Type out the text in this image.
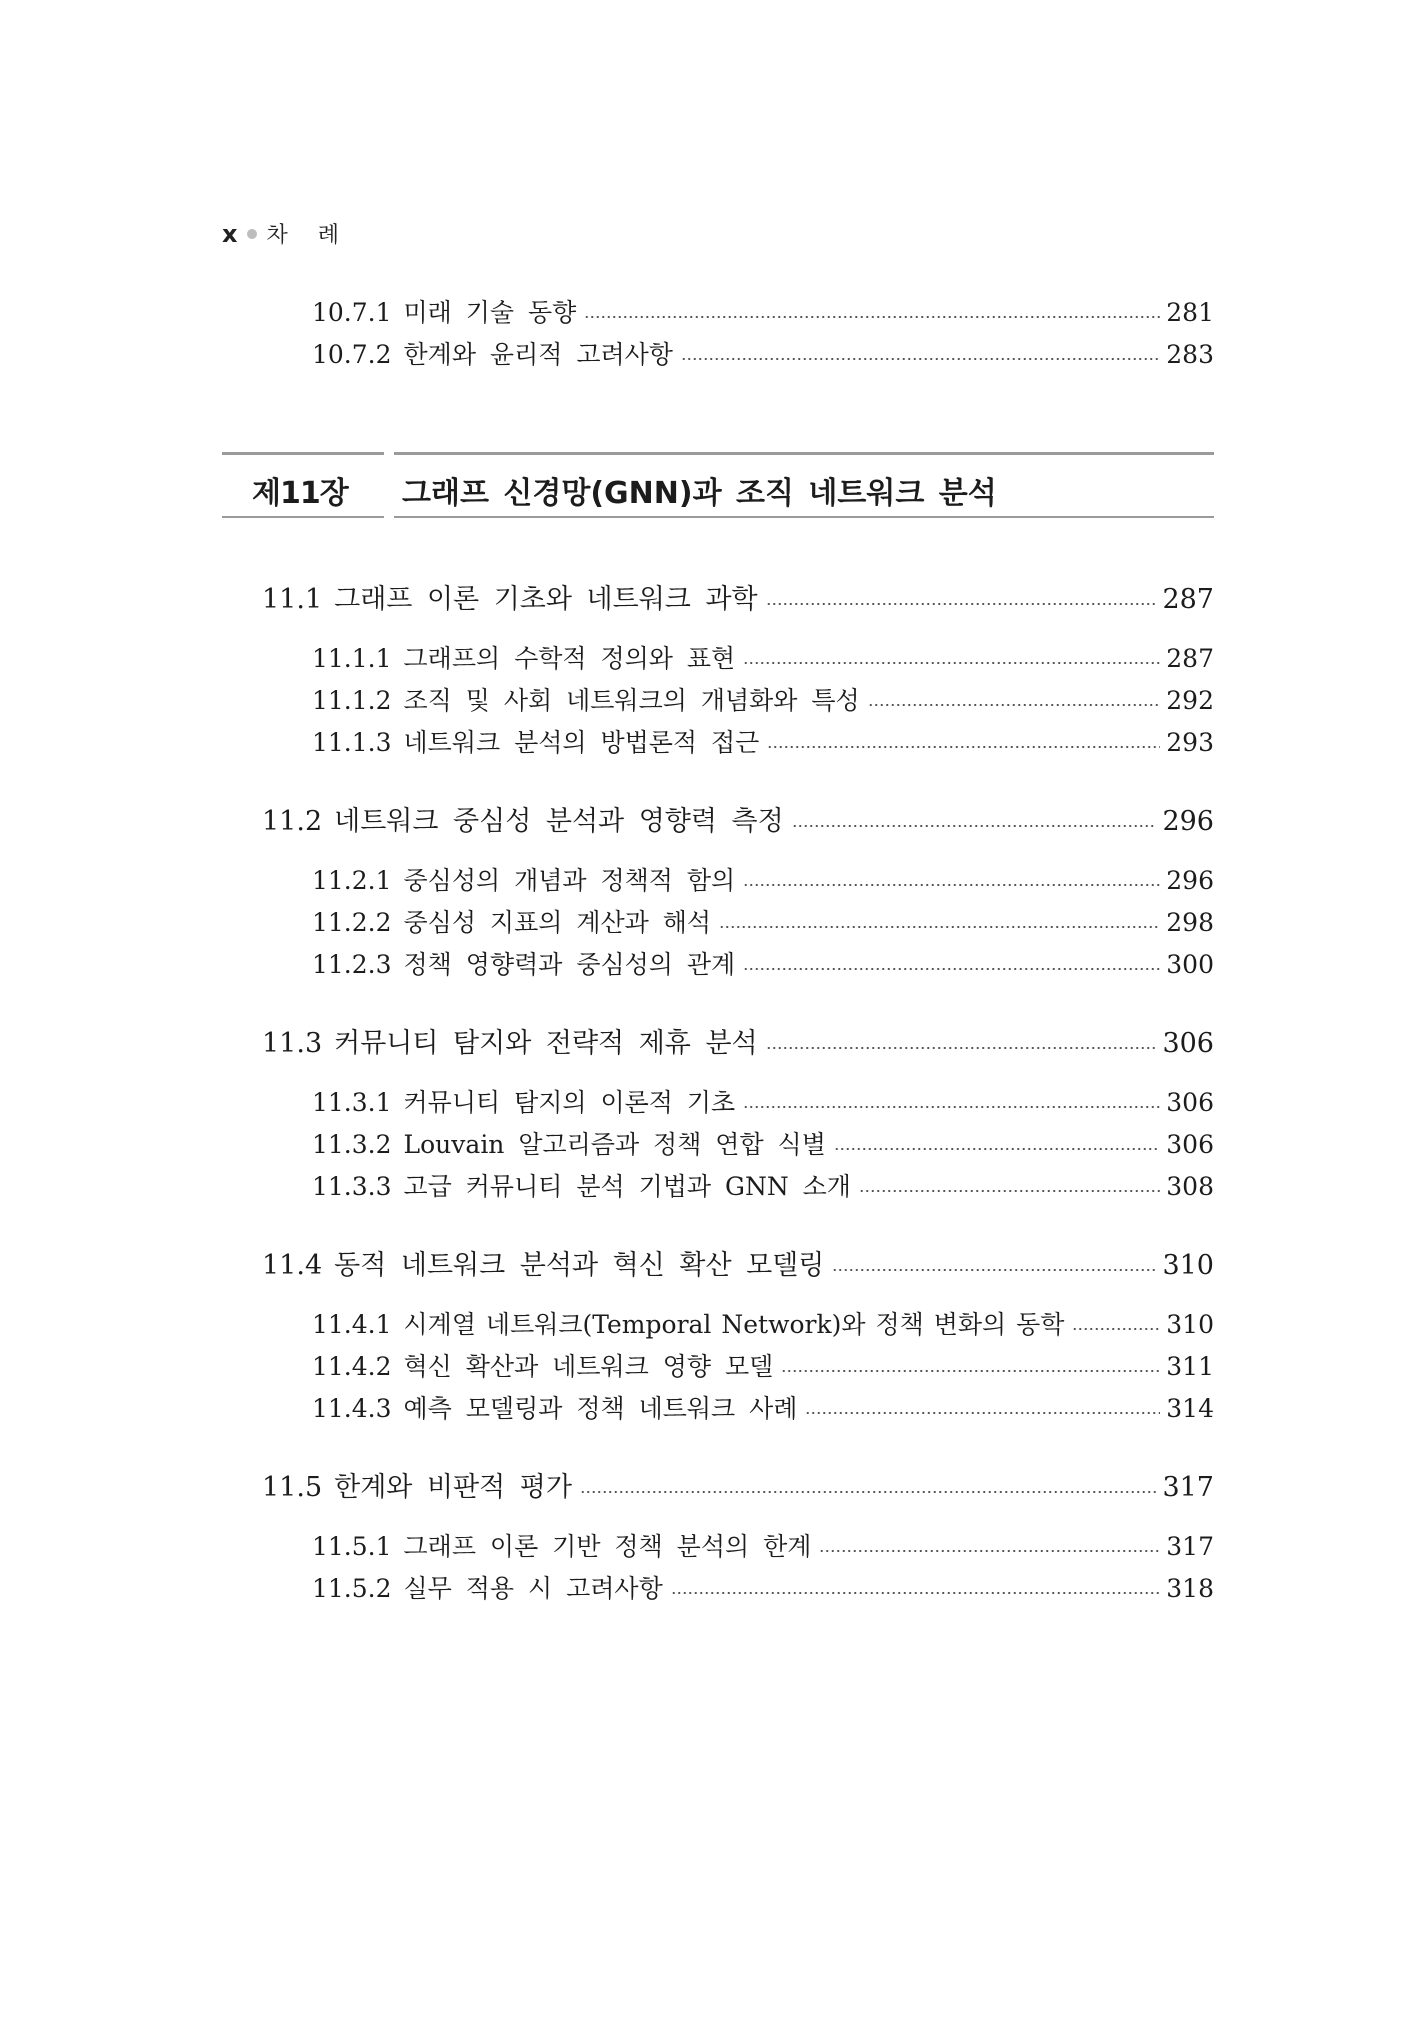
x 차례
10.7.1 미래 기술 동향	281
10.7.2 한계와 윤리적 고려사항	283
제11장 그래프 신경망(GNN)과 조직 네트워크 분석
11.1 그래프 이론 기초와 네트워크 과학	287
11.1.1 그래프의 수학적 정의와 표현	287
11.1.2 조직 및 사회 네트워크의 개념화와 특성	292
11.1.3 네트워크 분석의 방법론적 접근	293
11.2 네트워크 중심성 분석과 영향력 측정	296
11.2.1 중심성의 개념과 정책적 함의	296
11.2.2 중심성 지표의 계산과 해석	298
11.2.3 정책 영향력과 중심성의 관계	300
11.3 커뮤니티 탐지와 전략적 제휴 분석	306
11.3.1 커뮤니티 탐지의 이론적 기초	306
11.3.2 Louvain 알고리즘과 정책 연합 식별	306
11.3.3 고급 커뮤니티 분석 기법과 GNN 소개	308
11.4 동적 네트워크 분석과 혁신 확산 모델링	310
11.4.1 시계열 네트워크(Temporal Network)와 정책 변화의 동학	310
11.4.2 혁신 확산과 네트워크 영향 모델	311
11.4.3 예측 모델링과 정책 네트워크 사례	314
11.5 한계와 비판적 평가	317
11.5.1 그래프 이론 기반 정책 분석의 한계	317
11.5.2 실무 적용 시 고려사항	318
